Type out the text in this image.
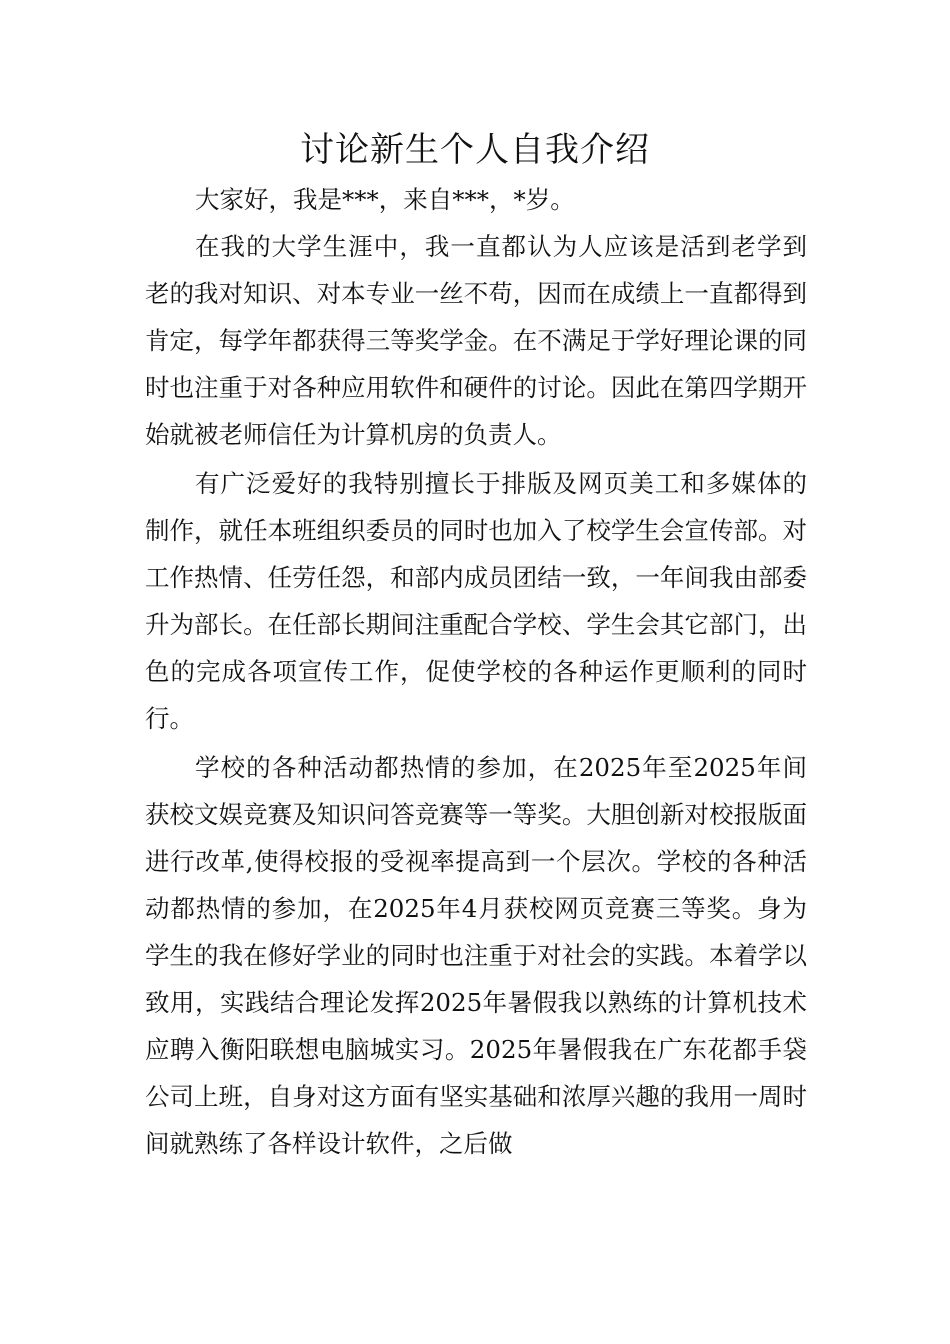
讨论新生个人自我介绍

大家好，我是***，来自***，*岁。

在我的大学生涯中，我一直都认为人应该是活到老学到老的我对知识、对本专业一丝不苟，因而在成绩上一直都得到肯定，每学年都获得三等奖学金。在不满足于学好理论课的同时也注重于对各种应用软件和硬件的讨论。因此在第四学期开始就被老师信任为计算机房的负责人。

有广泛爱好的我特别擅长于排版及网页美工和多媒体的制作，就任本班组织委员的同时也加入了校学生会宣传部。对工作热情、任劳任怨，和部内成员团结一致，一年间我由部委升为部长。在任部长期间注重配合学校、学生会其它部门，出色的完成各项宣传工作，促使学校的各种运作更顺利的同时行。

学校的各种活动都热情的参加，在2025年至2025年间获校文娱竞赛及知识问答竞赛等一等奖。大胆创新对校报版面进行改革,使得校报的受视率提高到一个层次。学校的各种活动都热情的参加，在2025年4月获校网页竞赛三等奖。身为学生的我在修好学业的同时也注重于对社会的实践。本着学以致用，实践结合理论发挥2025年暑假我以熟练的计算机技术应聘入衡阳联想电脑城实习。2025年暑假我在广东花都手袋公司上班，自身对这方面有坚实基础和浓厚兴趣的我用一周时间就熟练了各样设计软件，之后做
